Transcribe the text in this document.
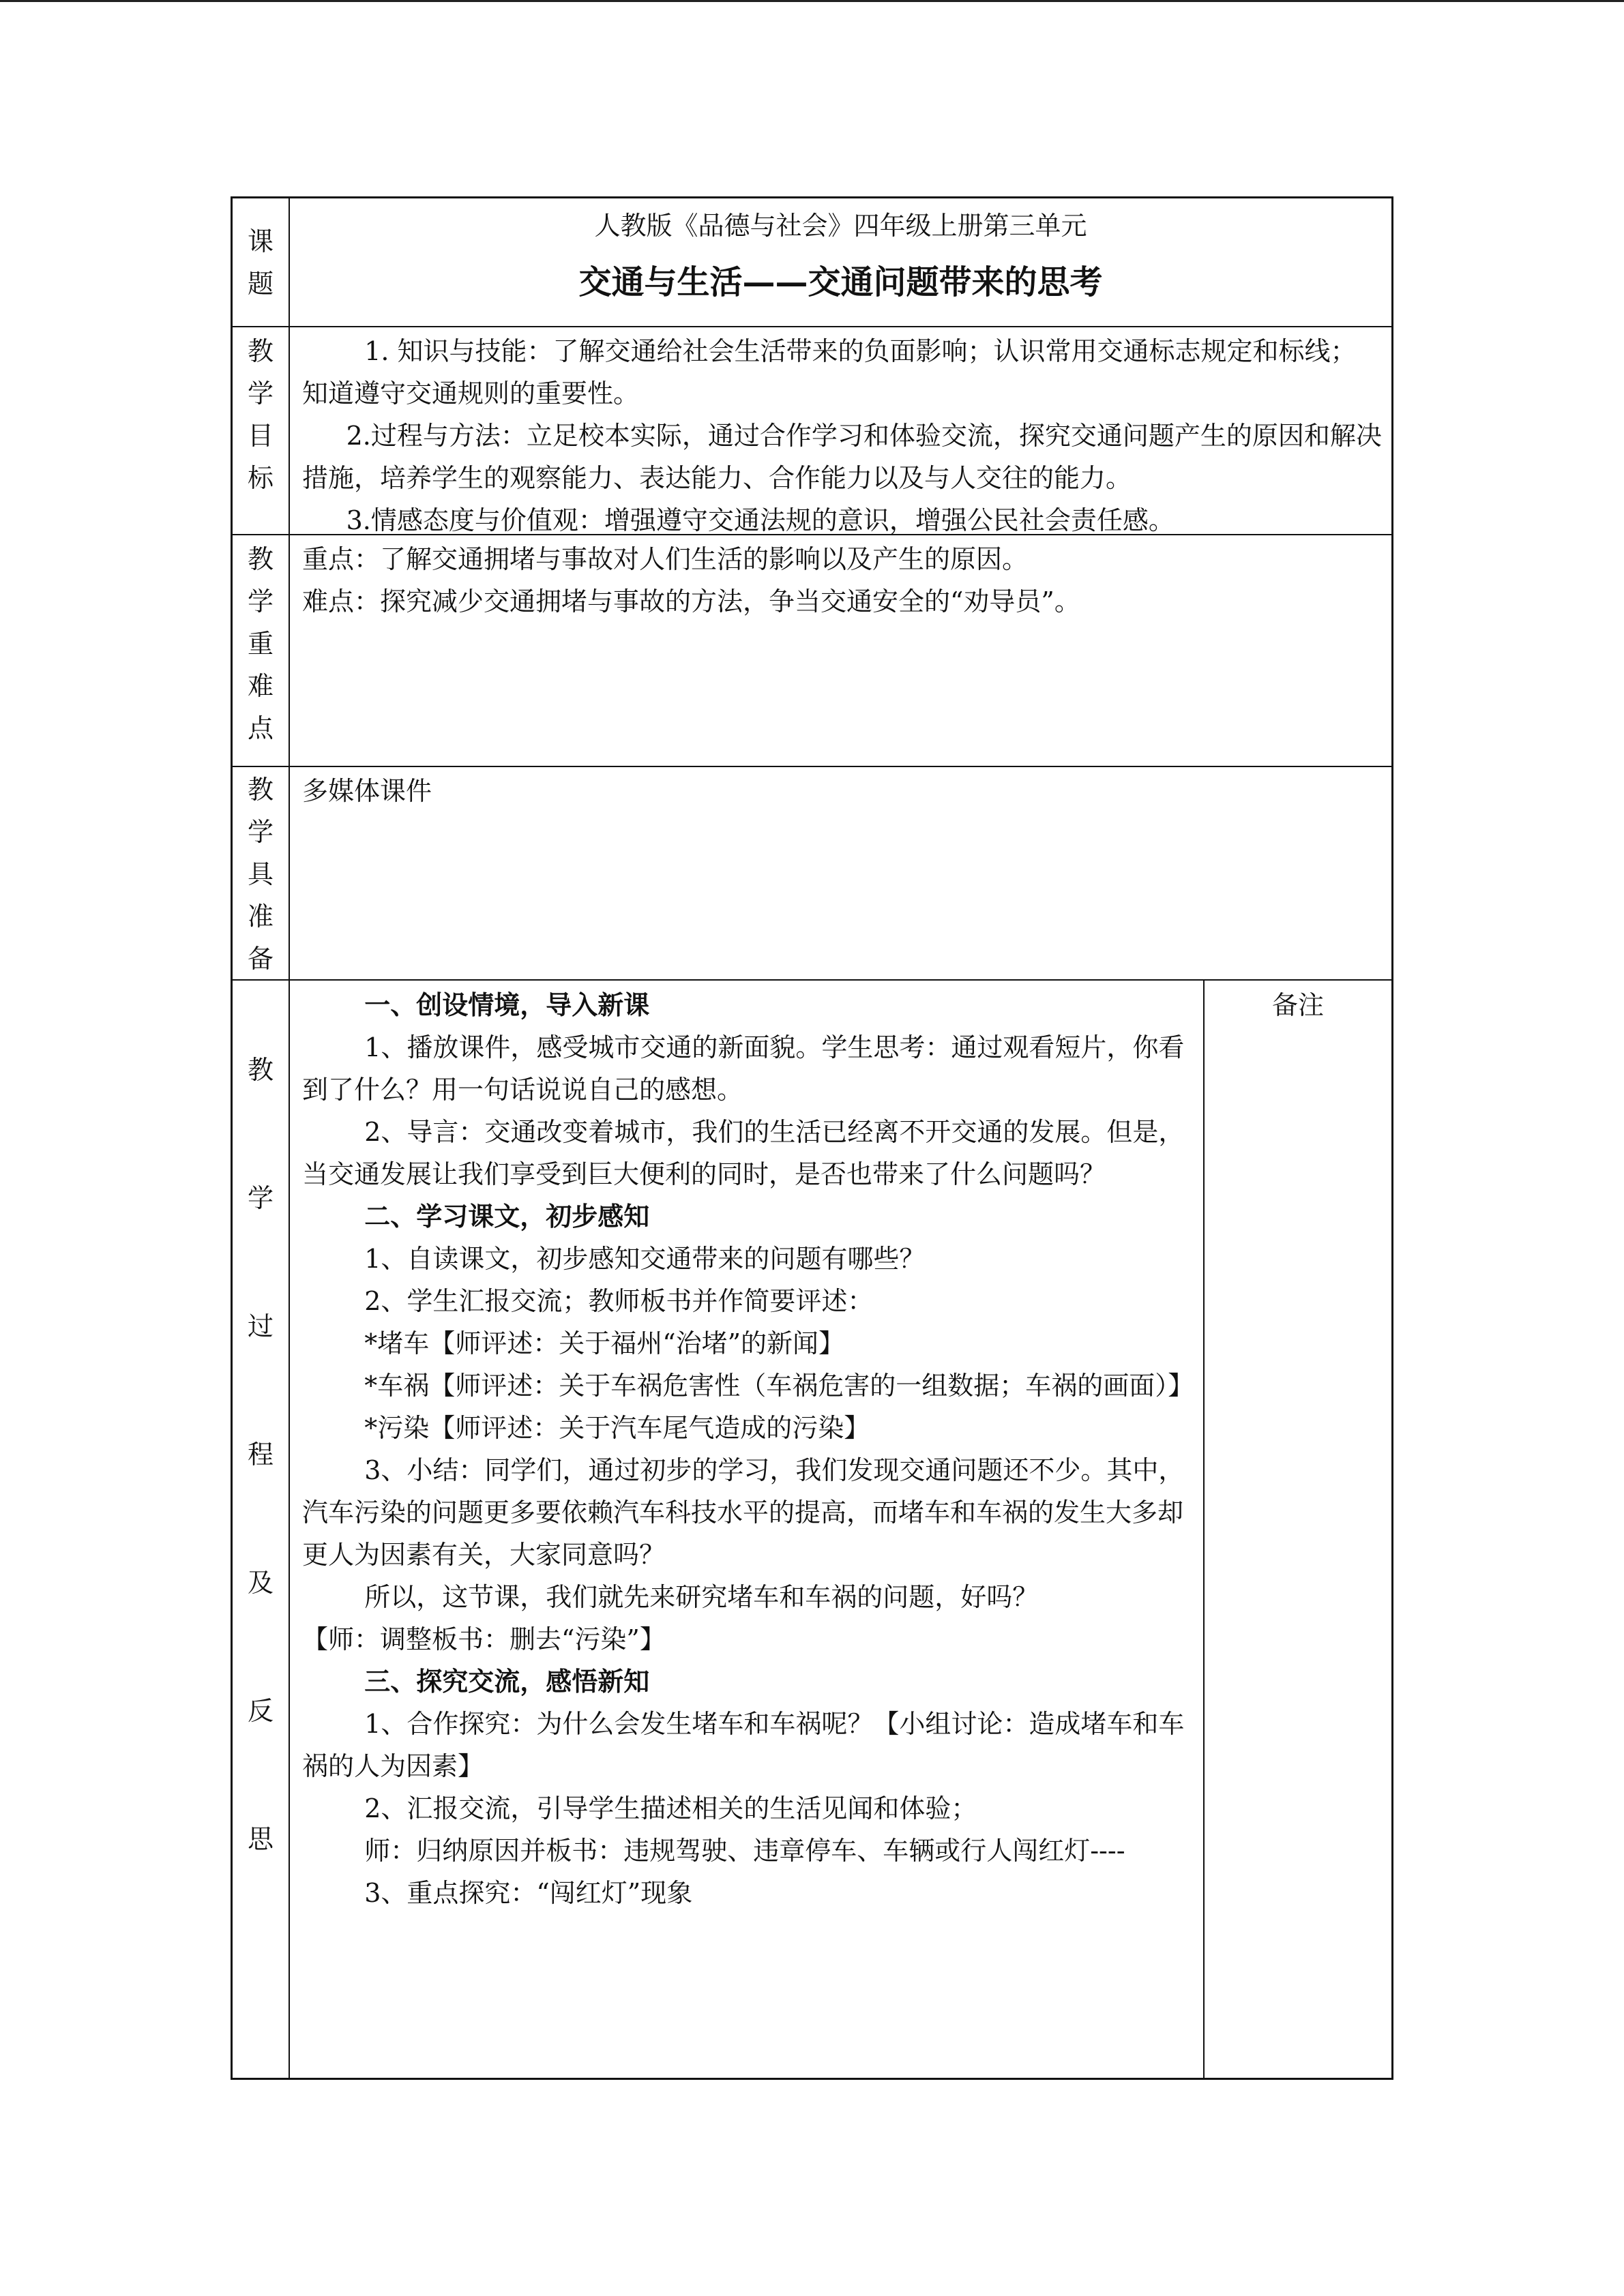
课
题
人教版《品德与社会》四年级上册第三单元
交通与生活——交通问题带来的思考
教
学
目
标

1. 知识与技能：了解交通给社会生活带来的负面影响；认识常用交通标志规定和标线；知道遵守交通规则的重要性。

2.过程与方法：立足校本实际，通过合作学习和体验交流，探究交通问题产生的原因和解决措施，培养学生的观察能力、表达能力、合作能力以及与人交往的能力。

3.情感态度与价值观：增强遵守交通法规的意识，增强公民社会责任感。

教
学
重
难
点

重点：了解交通拥堵与事故对人们生活的影响以及产生的原因。

难点：探究减少交通拥堵与事故的方法，争当交通安全的“劝导员”。

教
学
具
准
备

多媒体课件

教
学
过
程
及
反
思

一、创设情境，导入新课

1、播放课件，感受城市交通的新面貌。学生思考：通过观看短片，你看到了什么？用一句话说说自己的感想。

2、导言：交通改变着城市，我们的生活已经离不开交通的发展。但是，当交通发展让我们享受到巨大便利的同时，是否也带来了什么问题吗？

二、学习课文，初步感知

1、自读课文，初步感知交通带来的问题有哪些？

2、学生汇报交流；教师板书并作简要评述：

*堵车【师评述：关于福州“治堵”的新闻】

*车祸【师评述：关于车祸危害性（车祸危害的一组数据；车祸的画面）】

*污染【师评述：关于汽车尾气造成的污染】

3、小结：同学们，通过初步的学习，我们发现交通问题还不少。其中，汽车污染的问题更多要依赖汽车科技水平的提高，而堵车和车祸的发生大多却更人为因素有关，大家同意吗？

所以，这节课，我们就先来研究堵车和车祸的问题，好吗？

【师：调整板书：删去“污染”】

三、探究交流，感悟新知

1、合作探究：为什么会发生堵车和车祸呢？【小组讨论：造成堵车和车祸的人为因素】

2、汇报交流，引导学生描述相关的生活见闻和体验；

师：归纳原因并板书：违规驾驶、违章停车、车辆或行人闯红灯----

3、重点探究：“闯红灯”现象

备注
